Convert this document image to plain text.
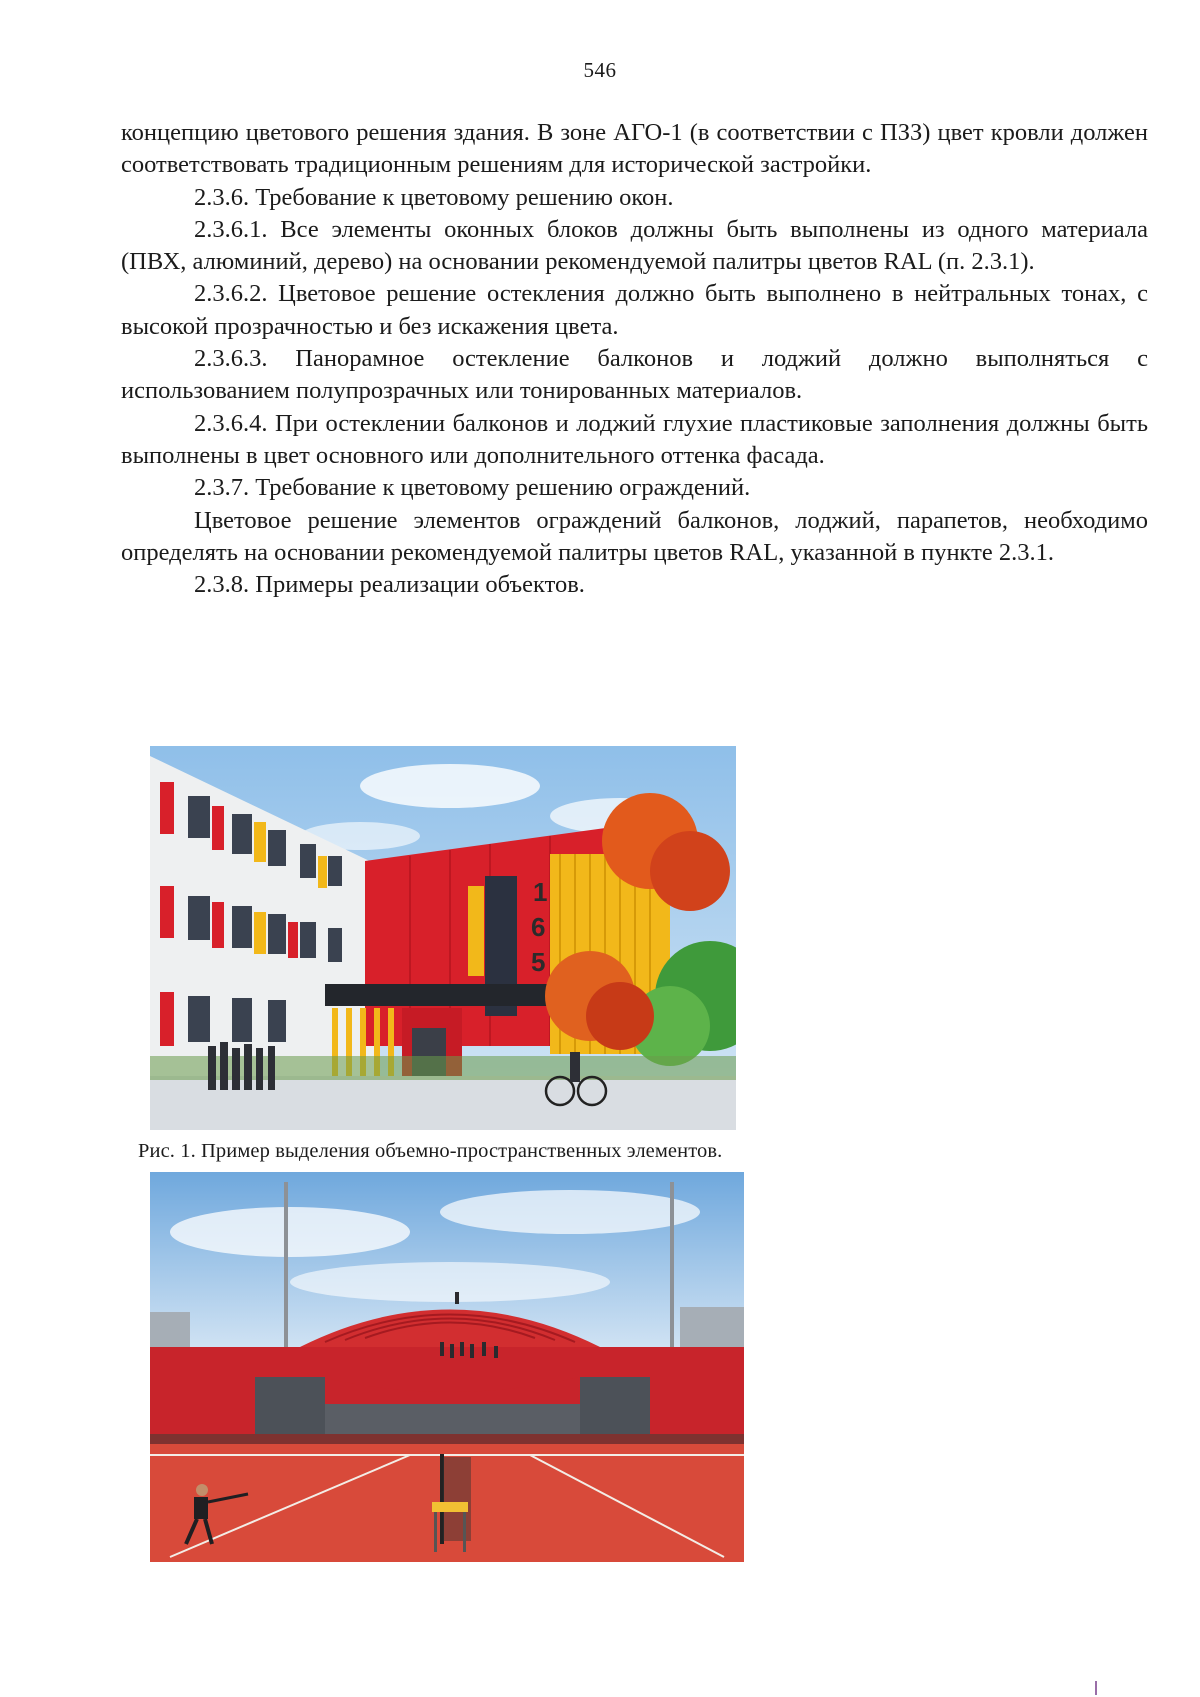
546

концепцию цветового решения здания. В зоне АГО-1 (в соответствии с ПЗЗ) цвет кровли должен соответствовать традиционным решениям для исторической застройки.

2.3.6. Требование к цветовому решению окон.

2.3.6.1. Все элементы оконных блоков должны быть выполнены из одного материала (ПВХ, алюминий, дерево) на основании рекомендуемой палитры цветов RAL (п. 2.3.1).

2.3.6.2. Цветовое решение остекления должно быть выполнено в нейтральных тонах, с высокой прозрачностью и без искажения цвета.

2.3.6.3. Панорамное остекление балконов и лоджий должно выполняться с использованием полупрозрачных или тонированных материалов.

2.3.6.4. При остеклении балконов и лоджий глухие пластиковые заполнения должны быть выполнены в цвет основного или дополнительного оттенка фасада.

2.3.7. Требование к цветовому решению ограждений.

Цветовое решение элементов ограждений балконов, лоджий, парапетов, необходимо определять на основании рекомендуемой палитры цветов RAL, указанной в пункте 2.3.1.

2.3.8. Примеры реализации объектов.

1
6
5
Рис. 1. Пример выделения объемно-пространственных элементов.
